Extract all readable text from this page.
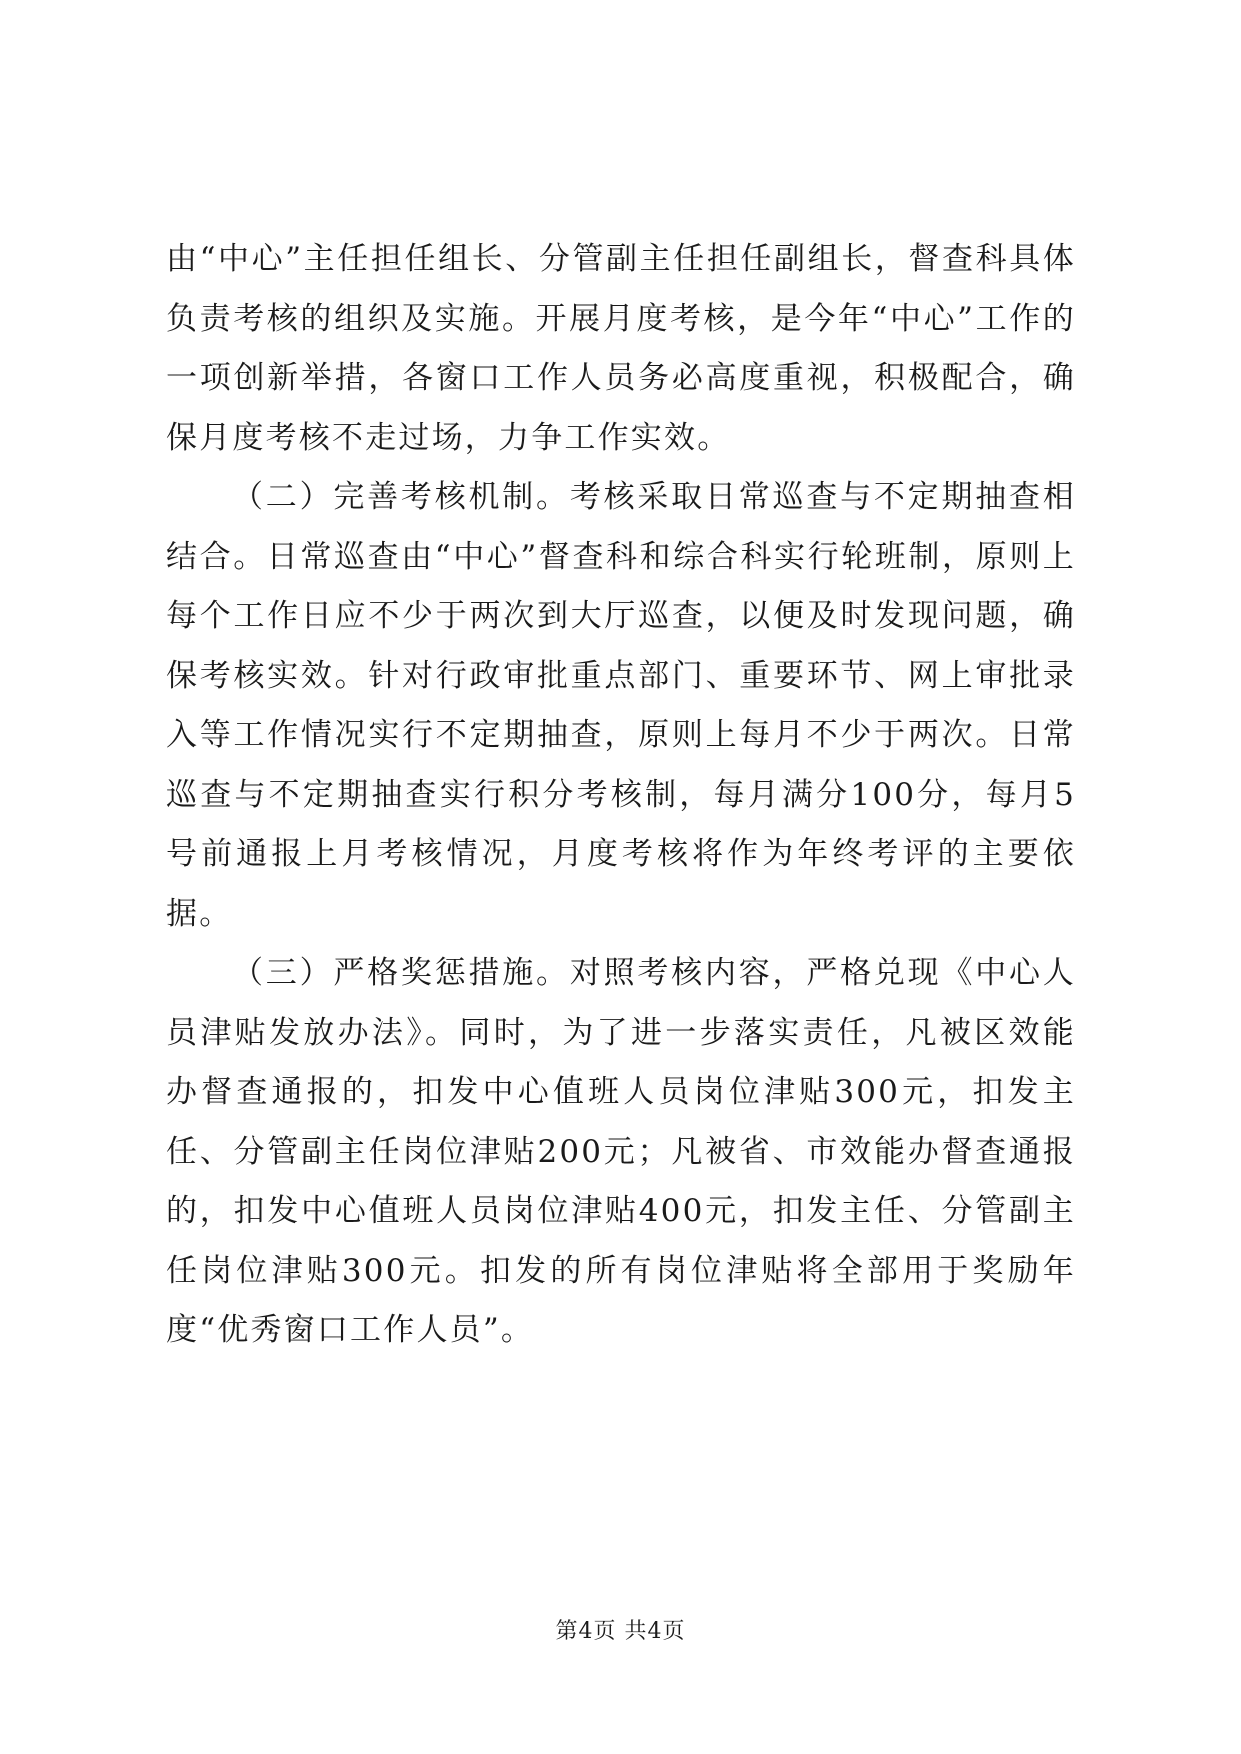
由“中心”主任担任组长、分管副主任担任副组长，督查科具体负责考核的组织及实施。开展月度考核，是今年“中心”工作的一项创新举措，各窗口工作人员务必高度重视，积极配合，确保月度考核不走过场，力争工作实效。

（二）完善考核机制。考核采取日常巡查与不定期抽查相结合。日常巡查由“中心”督查科和综合科实行轮班制，原则上每个工作日应不少于两次到大厅巡查，以便及时发现问题，确保考核实效。针对行政审批重点部门、重要环节、网上审批录入等工作情况实行不定期抽查，原则上每月不少于两次。日常巡查与不定期抽查实行积分考核制，每月满分100分，每月5号前通报上月考核情况，月度考核将作为年终考评的主要依据。

（三）严格奖惩措施。对照考核内容，严格兑现《中心人员津贴发放办法》。同时，为了进一步落实责任，凡被区效能办督查通报的，扣发中心值班人员岗位津贴300元，扣发主任、分管副主任岗位津贴200元；凡被省、市效能办督查通报的，扣发中心值班人员岗位津贴400元，扣发主任、分管副主任岗位津贴300元。扣发的所有岗位津贴将全部用于奖励年度“优秀窗口工作人员”。

第4页 共4页
